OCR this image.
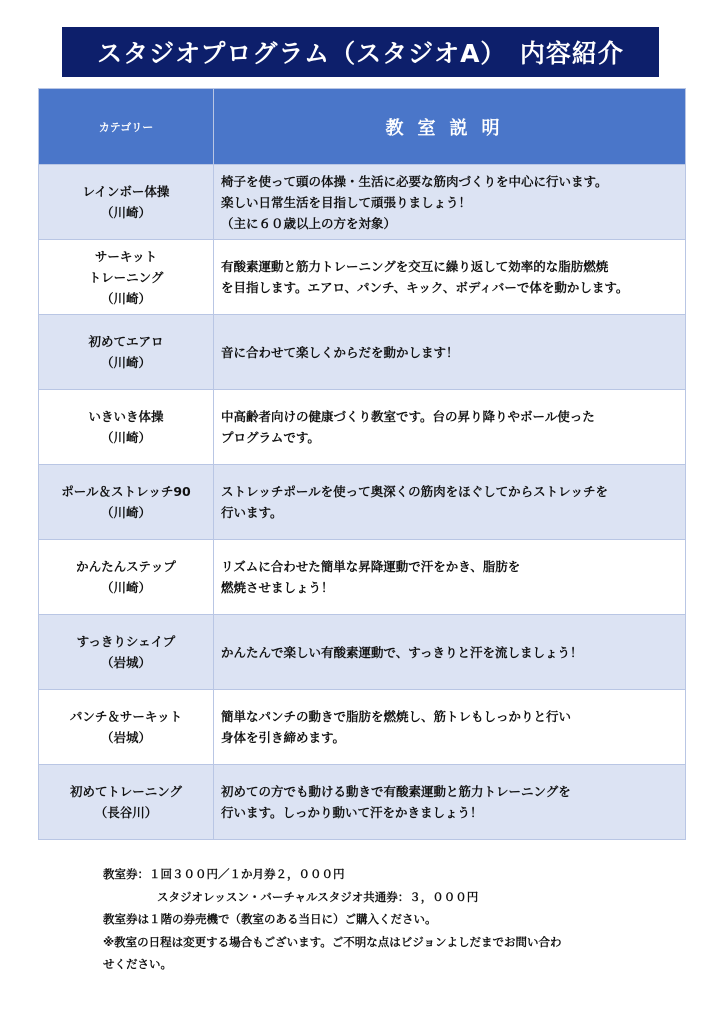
スタジオプログラム（スタジオA）　内容紹介
カテゴリー	教室説明

レインボー体操
（川崎）	椅子を使って頭の体操・生活に必要な筋肉づくりを中心に行います。
楽しい日常生活を目指して頑張りましょう！
（主に６０歳以上の方を対象）

サーキット
トレーニング
（川崎）	有酸素運動と筋力トレーニングを交互に繰り返して効率的な脂肪燃焼
を目指します。エアロ、パンチ、キック、ボディバーで体を動かします。

初めてエアロ
（川崎）	音に合わせて楽しくからだを動かします！

いきいき体操
（川崎）	中高齢者向けの健康づくり教室です。台の昇り降りやボール使った
プログラムです。

ポール＆ストレッチ90
（川崎）	ストレッチポールを使って奥深くの筋肉をほぐしてからストレッチを
行います。

かんたんステップ
（川崎）	リズムに合わせた簡単な昇降運動で汗をかき、脂肪を
燃焼させましょう！

すっきりシェイプ
（岩城）	かんたんで楽しい有酸素運動で、すっきりと汗を流しましょう！

パンチ＆サーキット
（岩城）	簡単なパンチの動きで脂肪を燃焼し、筋トレもしっかりと行い
身体を引き締めます。

初めてトレーニング
（長谷川）	初めての方でも動ける動きで有酸素運動と筋力トレーニングを
行います。しっかり動いて汗をかきましょう！
教室券：１回３００円／１か月券２，０００円
スタジオレッスン・バーチャルスタジオ共通券：３，０００円
教室券は１階の券売機で（教室のある当日に）ご購入ください。
※教室の日程は変更する場合もございます。ご不明な点はビジョンよしだまでお問い合わ
せください。
